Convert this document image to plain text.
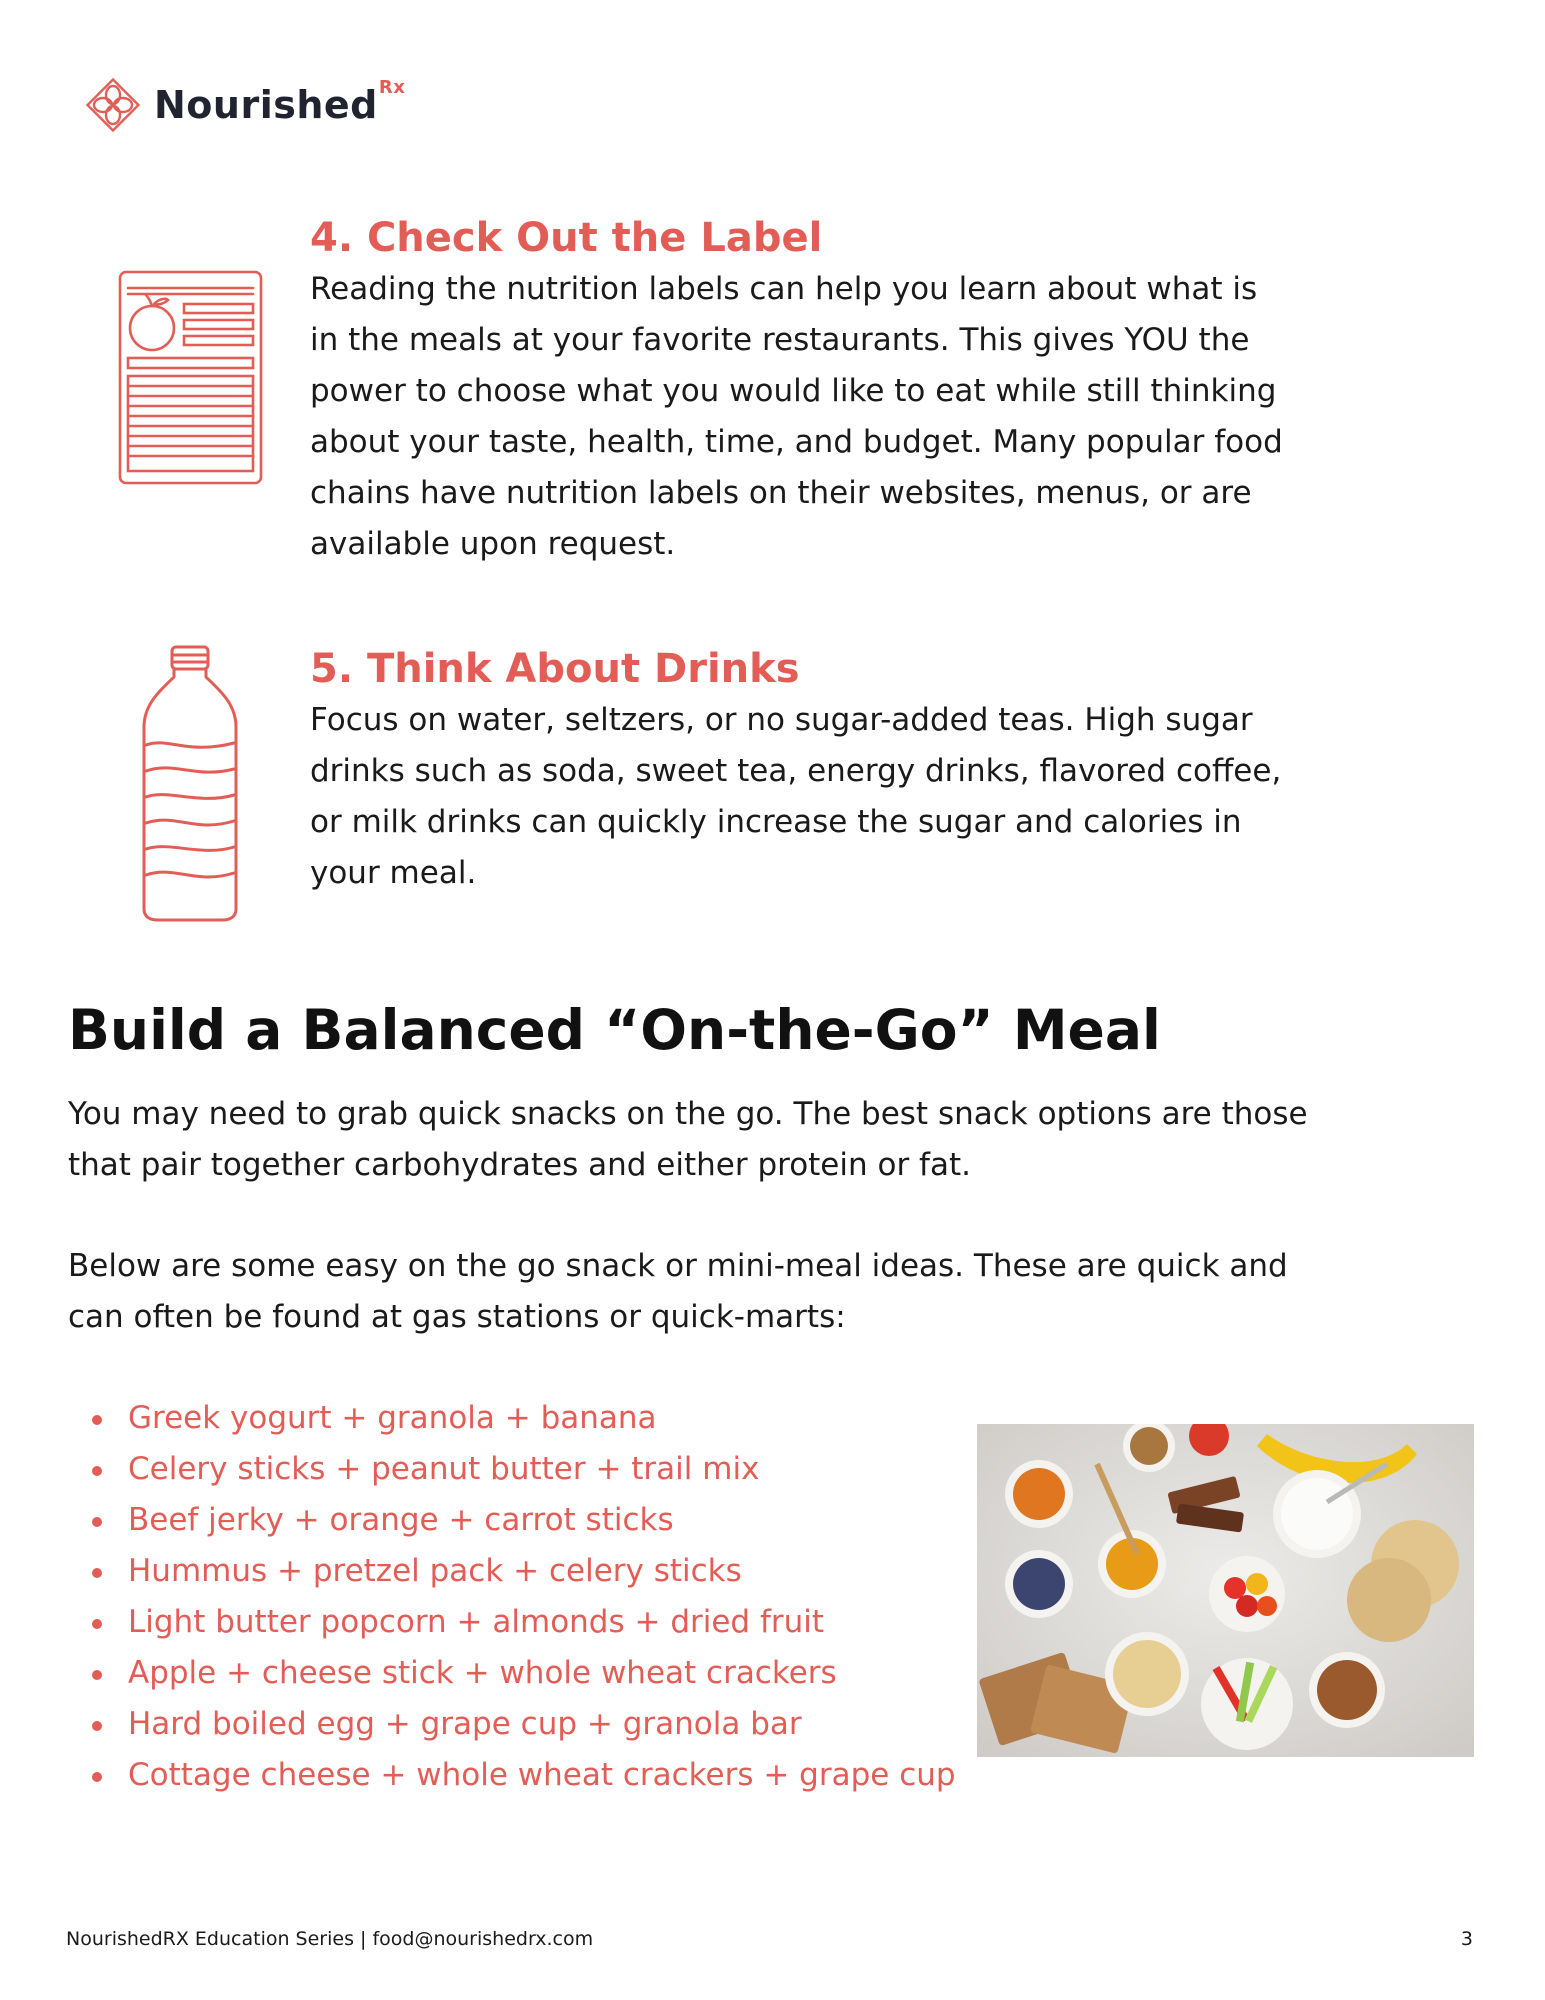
Nourished$^{Rx}$
4. Check Out the Label

Reading the nutrition labels can help you learn about what is
in the meals at your favorite restaurants. This gives YOU the
power to choose what you would like to eat while still thinking
about your taste, health, time, and budget. Many popular food
chains have nutrition labels on their websites, menus, or are
available upon request.

5. Think About Drinks

Focus on water, seltzers, or no sugar-added teas. High sugar
drinks such as soda, sweet tea, energy drinks, flavored coffee,
or milk drinks can quickly increase the sugar and calories in
your meal.

Build a Balanced “On-the-Go” Meal

You may need to grab quick snacks on the go. The best snack options are those
that pair together carbohydrates and either protein or fat.

Below are some easy on the go snack or mini-meal ideas. These are quick and
can often be found at gas stations or quick-marts:

Greek yogurt + granola + banana
Celery sticks + peanut butter + trail mix
Beef jerky + orange + carrot sticks
Hummus + pretzel pack + celery sticks
Light butter popcorn + almonds + dried fruit
Apple + cheese stick + whole wheat crackers
Hard boiled egg + grape cup + granola bar
Cottage cheese + whole wheat crackers + grape cup
NourishedRX Education Series | food@nourishedrx.com	3
